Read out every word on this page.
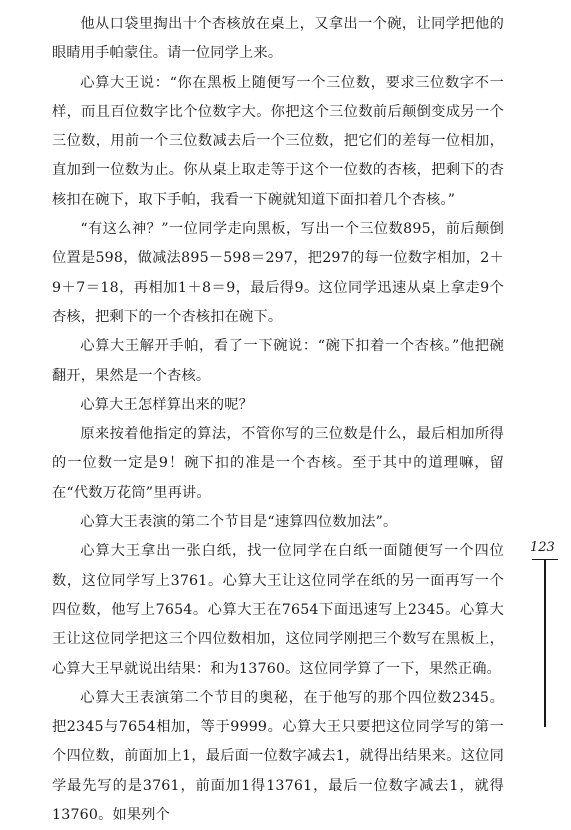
他从口袋里掏出十个杏核放在桌上，又拿出一个碗，让同学把他的眼睛用手帕蒙住。请一位同学上来。

心算大王说：“你在黑板上随便写一个三位数，要求三位数字不一样，而且百位数字比个位数字大。你把这个三位数前后颠倒变成另一个三位数，用前一个三位数减去后一个三位数，把它们的差每一位相加，直加到一位数为止。你从桌上取走等于这个一位数的杏核，把剩下的杏核扣在碗下，取下手帕，我看一下碗就知道下面扣着几个杏核。”

“有这么神？”一位同学走向黑板，写出一个三位数895，前后颠倒位置是598，做减法895－598＝297，把297的每一位数字相加，2＋9＋7＝18，再相加1＋8＝9，最后得9。这位同学迅速从桌上拿走9个杏核，把剩下的一个杏核扣在碗下。

心算大王解开手帕，看了一下碗说：“碗下扣着一个杏核。”他把碗翻开，果然是一个杏核。

心算大王怎样算出来的呢？

原来按着他指定的算法，不管你写的三位数是什么，最后相加所得的一位数一定是9！碗下扣的准是一个杏核。至于其中的道理嘛，留在“代数万花筒”里再讲。

心算大王表演的第二个节目是“速算四位数加法”。

心算大王拿出一张白纸，找一位同学在白纸一面随便写一个四位数，这位同学写上3761。心算大王让这位同学在纸的另一面再写一个四位数，他写上7654。心算大王在7654下面迅速写上2345。心算大王让这位同学把这三个四位数相加，这位同学刚把三个数写在黑板上，心算大王早就说出结果：和为13760。这位同学算了一下，果然正确。

心算大王表演第二个节目的奥秘，在于他写的那个四位数2345。把2345与7654相加，等于9999。心算大王只要把这位同学写的第一个四位数，前面加上1，最后面一位数字减去1，就得出结果来。这位同学最先写的是3761，前面加1得13761，最后一位数字减去1，就得13760。如果列个

123
